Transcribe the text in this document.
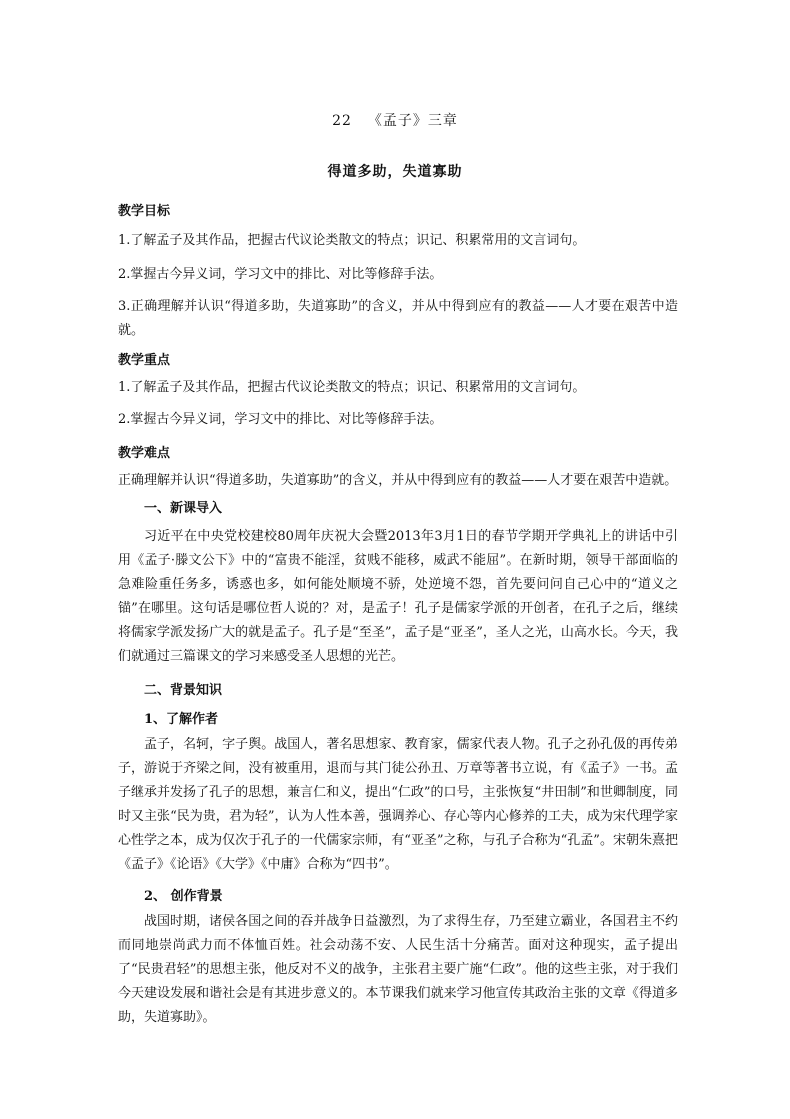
22 《孟子》三章
得道多助，失道寡助

教学目标

1.了解孟子及其作品，把握古代议论类散文的特点；识记、积累常用的文言词句。

2.掌握古今异义词，学习文中的排比、对比等修辞手法。

3.正确理解并认识“得道多助，失道寡助”的含义，并从中得到应有的教益——人才要在艰苦中造就。

教学重点

1.了解孟子及其作品，把握古代议论类散文的特点；识记、积累常用的文言词句。

2.掌握古今异义词，学习文中的排比、对比等修辞手法。

教学难点

正确理解并认识“得道多助，失道寡助”的含义，并从中得到应有的教益——人才要在艰苦中造就。

一、新课导入

习近平在中央党校建校80周年庆祝大会暨2013年3月1日的春节学期开学典礼上的讲话中引用《孟子·滕文公下》中的“富贵不能淫，贫贱不能移，威武不能屈”。在新时期，领导干部面临的急难险重任务多，诱惑也多，如何能处顺境不骄，处逆境不怨，首先要问问自己心中的“道义之锚”在哪里。这句话是哪位哲人说的？对，是孟子！孔子是儒家学派的开创者，在孔子之后，继续将儒家学派发扬广大的就是孟子。孔子是“至圣”，孟子是“亚圣”，圣人之光，山高水长。今天，我们就通过三篇课文的学习来感受圣人思想的光芒。

二、背景知识

1、了解作者

孟子，名轲，字子舆。战国人，著名思想家、教育家，儒家代表人物。孔子之孙孔伋的再传弟子，游说于齐梁之间，没有被重用，退而与其门徒公孙丑、万章等著书立说，有《孟子》一书。孟子继承并发扬了孔子的思想，兼言仁和义，提出“仁政”的口号，主张恢复“井田制”和世卿制度，同时又主张“民为贵，君为轻”，认为人性本善，强调养心、存心等内心修养的工夫，成为宋代理学家心性学之本，成为仅次于孔子的一代儒家宗师，有“亚圣”之称，与孔子合称为“孔孟”。宋朝朱熹把《孟子》《论语》《大学》《中庸》合称为“四书”。

2、 创作背景

战国时期，诸侯各国之间的吞并战争日益激烈，为了求得生存，乃至建立霸业，各国君主不约而同地崇尚武力而不体恤百姓。社会动荡不安、人民生活十分痛苦。面对这种现实，孟子提出了“民贵君轻”的思想主张，他反对不义的战争，主张君主要广施“仁政”。他的这些主张，对于我们今天建设发展和谐社会是有其进步意义的。本节课我们就来学习他宣传其政治主张的文章《得道多助，失道寡助》。
